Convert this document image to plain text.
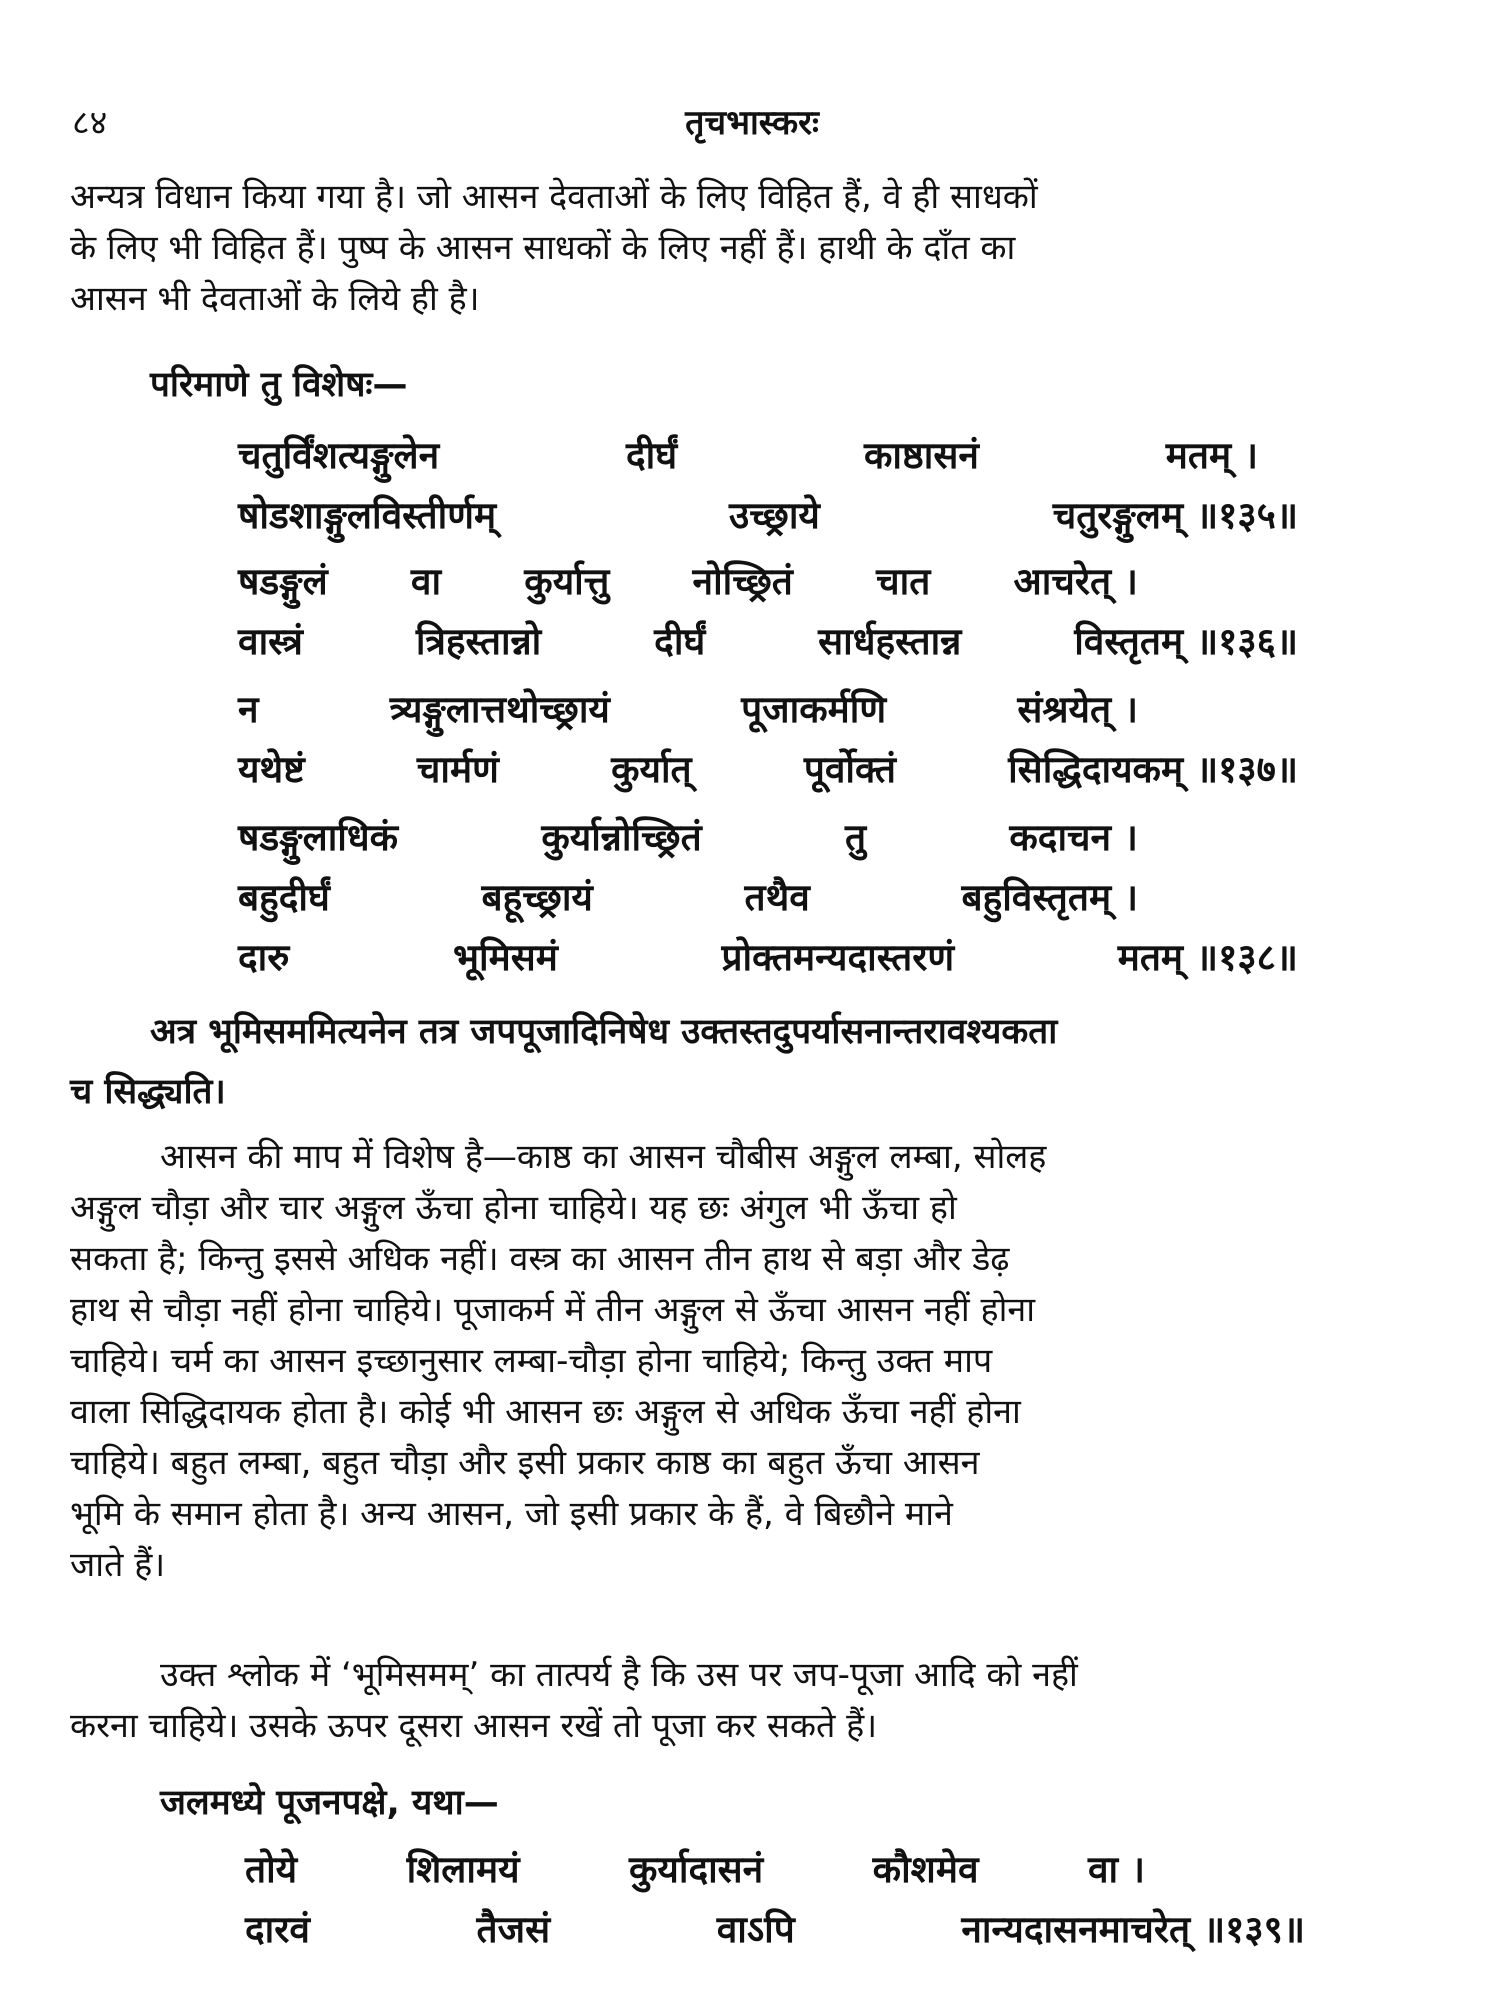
८४	तृचभास्करः
अन्यत्र विधान किया गया है। जो आसन देवताओं के लिए विहित हैं, वे ही साधकों
के लिए भी विहित हैं। पुष्प के आसन साधकों के लिए नहीं हैं। हाथी के दाँत का
आसन भी देवताओं के लिये ही है।
परिमाणे तु विशेषः—
चतुर्विंशत्यङ्गुलेन	दीर्घं	काष्ठासनं	मतम् ।
षोडशाङ्गुलविस्तीर्णम्	उच्छ्राये	चतुरङ्गुलम् ॥१३५॥
षडङ्गुलं वा कुर्यात्तु नोच्छ्रितं चात आचरेत् ।
वास्त्रं	त्रिहस्तान्नो	दीर्घं	सार्धहस्तान्न	विस्तृतम् ॥१३६॥
न	त्र्यङ्गुलात्तथोच्छ्रायं	पूजाकर्मणि	संश्रयेत् ।
यथेष्टं	चार्मणं	कुर्यात्	पूर्वोक्तं	सिद्धिदायकम् ॥१३७॥
षडङ्गुलाधिकं	कुर्यान्नोच्छ्रितं	तु	कदाचन ।
बहुदीर्घं	बहूच्छ्रायं	तथैव	बहुविस्तृतम् ।
दारु	भूमिसमं	प्रोक्तमन्यदास्तरणं	मतम् ॥१३८॥
अत्र भूमिसममित्यनेन तत्र जपपूजादिनिषेध उक्तस्तदुपर्यासनान्तरावश्यकता
च सिद्ध्यति।
आसन की माप में विशेष है—काष्ठ का आसन चौबीस अङ्गुल लम्बा, सोलह
अङ्गुल चौड़ा और चार अङ्गुल ऊँचा होना चाहिये। यह छः अंगुल भी ऊँचा हो
सकता है; किन्तु इससे अधिक नहीं। वस्त्र का आसन तीन हाथ से बड़ा और डेढ़
हाथ से चौड़ा नहीं होना चाहिये। पूजाकर्म में तीन अङ्गुल से ऊँचा आसन नहीं होना
चाहिये। चर्म का आसन इच्छानुसार लम्बा-चौड़ा होना चाहिये; किन्तु उक्त माप
वाला सिद्धिदायक होता है। कोई भी आसन छः अङ्गुल से अधिक ऊँचा नहीं होना
चाहिये। बहुत लम्बा, बहुत चौड़ा और इसी प्रकार काष्ठ का बहुत ऊँचा आसन
भूमि के समान होता है। अन्य आसन, जो इसी प्रकार के हैं, वे बिछौने माने
जाते हैं।
उक्त श्लोक में ‘भूमिसमम्’ का तात्पर्य है कि उस पर जप-पूजा आदि को नहीं
करना चाहिये। उसके ऊपर दूसरा आसन रखें तो पूजा कर सकते हैं।
जलमध्ये पूजनपक्षे, यथा—
तोये	शिलामयं	कुर्यादासनं	कौशमेव	वा ।
दारवं	तैजसं	वाऽपि	नान्यदासनमाचरेत् ॥१३९॥
